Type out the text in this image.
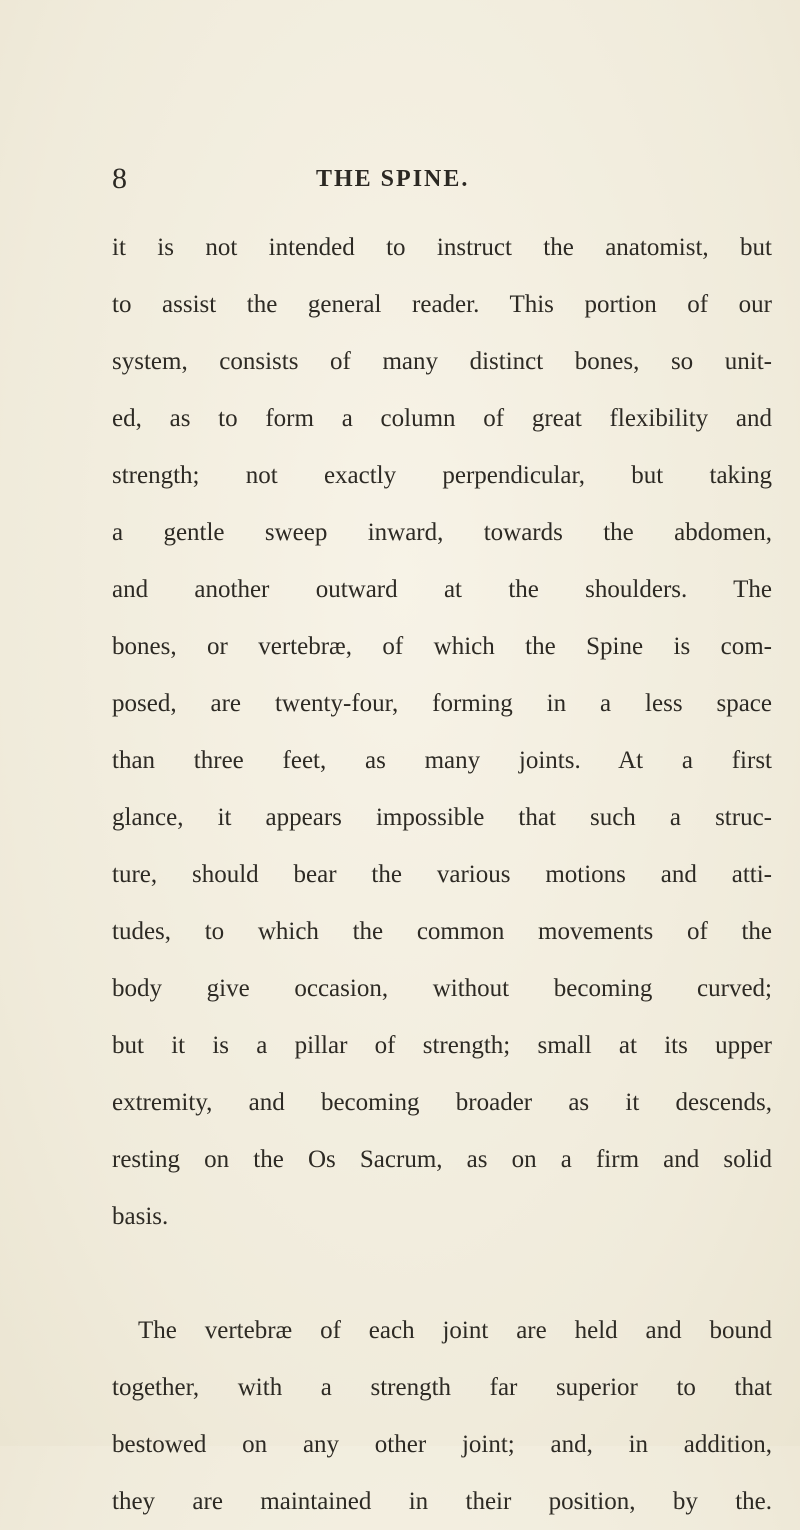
8	THE SPINE.
it is not intended to instruct the anatomist, but
to assist the general reader. This portion of our
system, consists of many distinct bones, so unit-
ed, as to form a column of great flexibility and
strength; not exactly perpendicular, but taking
a gentle sweep inward, towards the abdomen,
and another outward at the shoulders. The
bones, or vertebræ, of which the Spine is com-
posed, are twenty-four, forming in a less space
than three feet, as many joints. At a first
glance, it appears impossible that such a struc-
ture, should bear the various motions and atti-
tudes, to which the common movements of the
body give occasion, without becoming curved;
but it is a pillar of strength; small at its upper
extremity, and becoming broader as it descends,
resting on the Os Sacrum, as on a firm and solid
basis.
The vertebræ of each joint are held and bound
together, with a strength far superior to that
bestowed on any other joint; and, in addition,
they are maintained in their position, by the.
